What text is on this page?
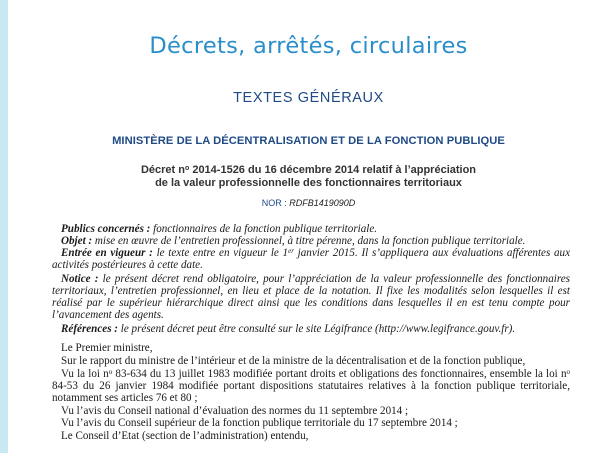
Décrets, arrêtés, circulaires
TEXTES GÉNÉRAUX
MINISTÈRE DE LA DÉCENTRALISATION ET DE LA FONCTION PUBLIQUE
Décret $n^o$ 2014-1526 du 16 décembre 2014 relatif à l’appréciation
de la valeur professionnelle des fonctionnaires territoriaux
NOR : RDFB1419090D
Publics concernés : fonctionnaires de la fonction publique territoriale.
Objet : mise en œuvre de l’entretien professionnel, à titre pérenne, dans la fonction publique territoriale.
Entrée en vigueur : le texte entre en vigueur le 1er janvier 2015. Il s’appliquera aux évaluations afférentes aux activités postérieures à cette date.
Notice : le présent décret rend obligatoire, pour l’appréciation de la valeur professionnelle des fonctionnaires territoriaux, l’entretien professionnel, en lieu et place de la notation. Il fixe les modalités selon lesquelles il est réalisé par le supérieur hiérarchique direct ainsi que les conditions dans lesquelles il en est tenu compte pour l’avancement des agents.
Références : le présent décret peut être consulté sur le site Légifrance (http://www.legifrance.gouv.fr).
Le Premier ministre,
Sur le rapport du ministre de l’intérieur et de la ministre de la décentralisation et de la fonction publique,
Vu la loi $n^o$ 83-634 du 13 juillet 1983 modifiée portant droits et obligations des fonctionnaires, ensemble la loi $n^o$ 84-53 du 26 janvier 1984 modifiée portant dispositions statutaires relatives à la fonction publique territoriale, notamment ses articles 76 et 80 ;
Vu l’avis du Conseil national d’évaluation des normes du 11 septembre 2014 ;
Vu l’avis du Conseil supérieur de la fonction publique territoriale du 17 septembre 2014 ;
Le Conseil d’Etat (section de l’administration) entendu,
